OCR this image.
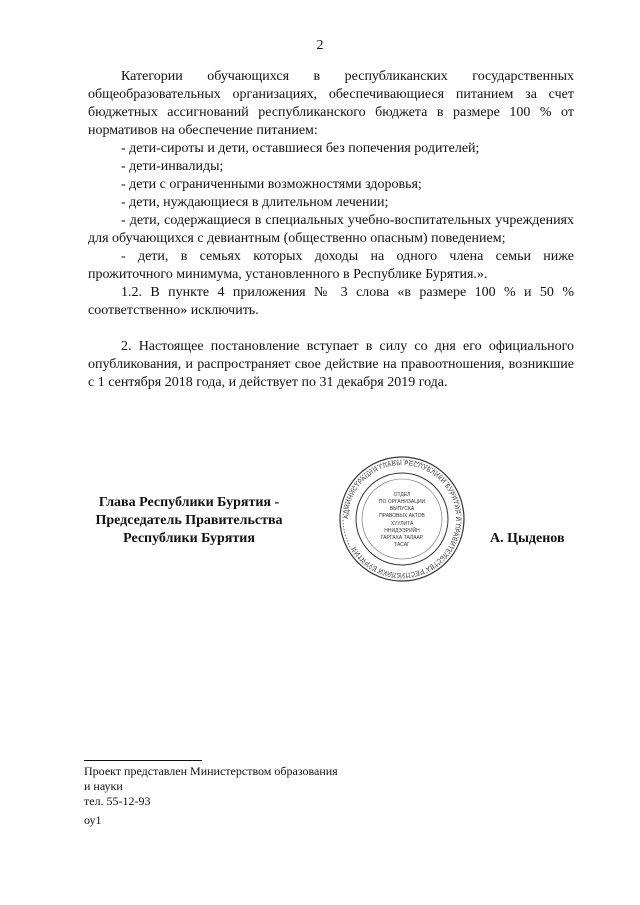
2

Категории обучающихся в республиканских государственных общеобразовательных организациях, обеспечивающиеся питанием за счет бюджетных ассигнований республиканского бюджета в размере 100 % от нормативов на обеспечение питанием:

- дети-сироты и дети, оставшиеся без попечения родителей;

- дети-инвалиды;

- дети с ограниченными возможностями здоровья;

- дети, нуждающиеся в длительном лечении;

- дети, содержащиеся в специальных учебно-воспитательных учреждениях для обучающихся с девиантным (общественно опасным) поведением;

- дети, в семьях которых доходы на одного члена семьи ниже прожиточного минимума, установленного в Республике Бурятия.».

1.2. В пункте 4 приложения № 3 слова «в размере 100 % и 50 % соответственно» исключить.

2. Настоящее постановление вступает в силу со дня его официального опубликования, и распространяет свое действие на правоотношения, возникшие с 1 сентября 2018 года, и действует по 31 декабря 2019 года.

Глава Республики Бурятия -
Председатель Правительства
Республики Бурятия
АДМИНИСТРАЦИЯ ГЛАВЫ РЕСПУБЛИКИ БУРЯТИЯ И ПРАВИТЕЛЬСТВА РЕСПУБЛИКИ БУРЯТИЯ
ОТДЕЛ
ПО ОРГАНИЗАЦИИ
ВЫПУСКА
ПРАВОВЫХ АКТОВ
ХУУЛИТА
ННИДЭЭРИЙН
ГАРГАХА ТАЛААР
ТАСАГ	А. Цыденов
Проект представлен Министерством образования
и науки
тел. 55-12-93
оу1
